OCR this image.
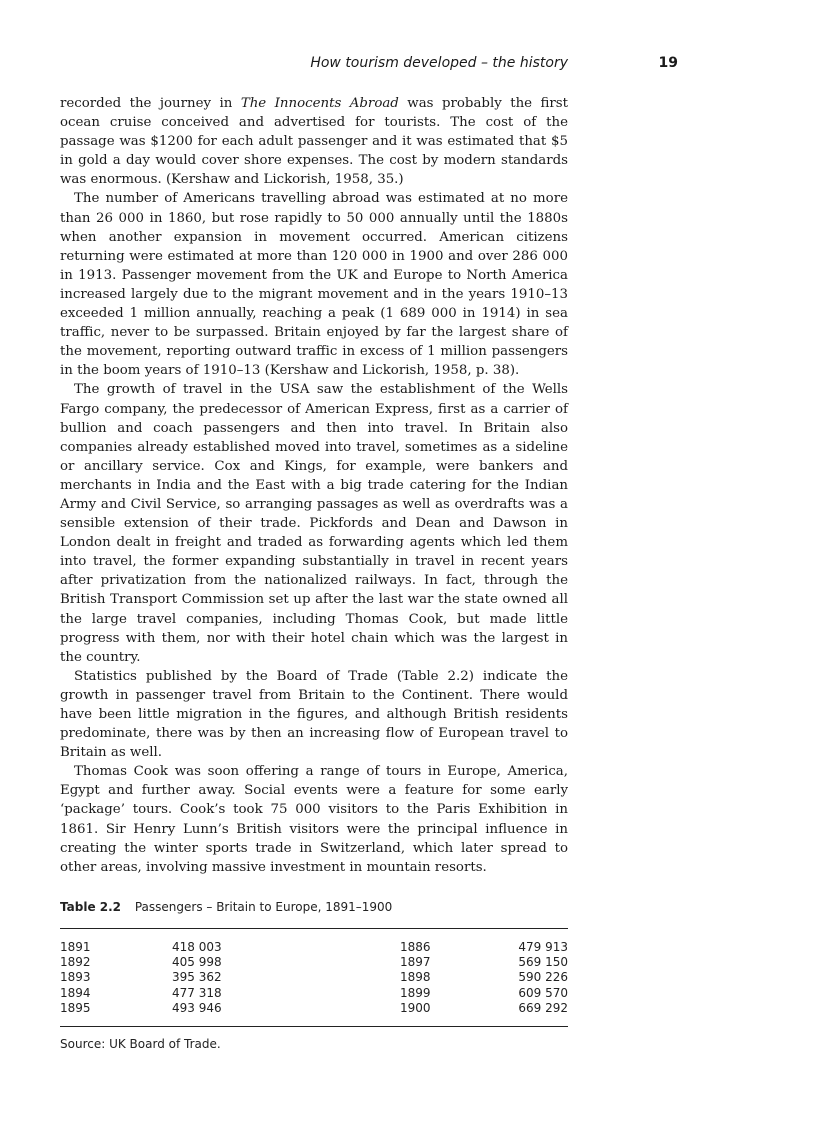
How tourism developed – the history	19

recorded the journey in The Innocents Abroad was probably the first ocean cruise conceived and advertised for tourists. The cost of the passage was $1200 for each adult passenger and it was estimated that $5 in gold a day would cover shore expenses. The cost by modern standards was enormous. (Kershaw and Lickorish, 1958, 35.)

The number of Americans travelling abroad was estimated at no more than 26 000 in 1860, but rose rapidly to 50 000 annually until the 1880s when another expansion in movement occurred. American citizens returning were estimated at more than 120 000 in 1900 and over 286 000 in 1913. Passenger movement from the UK and Europe to North America increased largely due to the migrant movement and in the years 1910–13 exceeded 1 million annually, reaching a peak (1 689 000 in 1914) in sea traffic, never to be surpassed. Britain enjoyed by far the largest share of the movement, reporting outward traffic in excess of 1 million passengers in the boom years of 1910–13 (Kershaw and Lickorish, 1958, p. 38).

The growth of travel in the USA saw the establishment of the Wells Fargo company, the predecessor of American Express, first as a carrier of bullion and coach passengers and then into travel. In Britain also companies already established moved into travel, sometimes as a sideline or ancillary service. Cox and Kings, for example, were bankers and merchants in India and the East with a big trade catering for the Indian Army and Civil Service, so arranging passages as well as overdrafts was a sensible extension of their trade. Pickfords and Dean and Dawson in London dealt in freight and traded as forwarding agents which led them into travel, the former expanding substantially in travel in recent years after privatization from the nationalized railways. In fact, through the British Transport Commission set up after the last war the state owned all the large travel companies, including Thomas Cook, but made little progress with them, nor with their hotel chain which was the largest in the country.

Statistics published by the Board of Trade (Table 2.2) indicate the growth in passenger travel from Britain to the Continent. There would have been little migration in the figures, and although British residents predominate, there was by then an increasing flow of European travel to Britain as well.

Thomas Cook was soon offering a range of tours in Europe, America, Egypt and further away. Social events were a feature for some early ‘package’ tours. Cook’s took 75 000 visitors to the Paris Exhibition in 1861. Sir Henry Lunn’s British visitors were the principal influence in creating the winter sports trade in Switzerland, which later spread to other areas, involving massive investment in mountain resorts.

Table 2.2 Passengers – Britain to Europe, 1891–1900
1891	418 003	1886	479 913
1892	405 998	1897	569 150
1893	395 362	1898	590 226
1894	477 318	1899	609 570
1895	493 946	1900	669 292
Source: UK Board of Trade.
